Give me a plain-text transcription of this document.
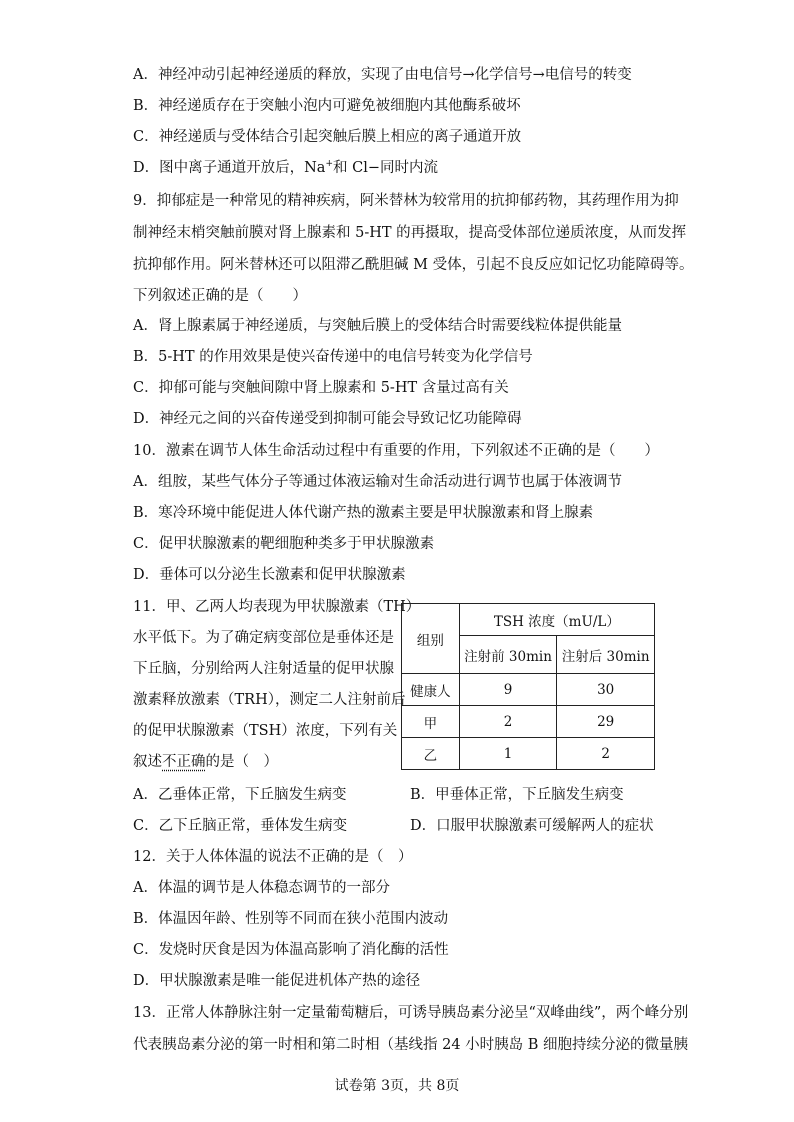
A．神经冲动引起神经递质的释放，实现了由电信号→化学信号→电信号的转变
B．神经递质存在于突触小泡内可避免被细胞内其他酶系破坏
C．神经递质与受体结合引起突触后膜上相应的离子通道开放
D．图中离子通道开放后，Na+和 Cl−同时内流
9．抑郁症是一种常见的精神疾病，阿米替林为较常用的抗抑郁药物，其药理作用为抑
制神经末梢突触前膜对肾上腺素和 5-HT 的再摄取，提高受体部位递质浓度，从而发挥
抗抑郁作用。阿米替林还可以阻滞乙酰胆碱 M 受体，引起不良反应如记忆功能障碍等。
下列叙述正确的是（　　）
A．肾上腺素属于神经递质，与突触后膜上的受体结合时需要线粒体提供能量
B．5-HT 的作用效果是使兴奋传递中的电信号转变为化学信号
C．抑郁可能与突触间隙中肾上腺素和 5-HT 含量过高有关
D．神经元之间的兴奋传递受到抑制可能会导致记忆功能障碍
10．激素在调节人体生命活动过程中有重要的作用，下列叙述不正确的是（　　）
A．组胺，某些气体分子等通过体液运输对生命活动进行调节也属于体液调节
B．寒冷环境中能促进人体代谢产热的激素主要是甲状腺激素和肾上腺素
C．促甲状腺激素的靶细胞种类多于甲状腺激素
D．垂体可以分泌生长激素和促甲状腺激素
11．甲、乙两人均表现为甲状腺激素（TH）
水平低下。为了确定病变部位是垂体还是
下丘脑，分别给两人注射适量的促甲状腺
激素释放激素（TRH），测定二人注射前后
的促甲状腺激素（TSH）浓度，下列有关
叙述不正确的是（　）
组别	TSH 浓度（mU/L）	
	注射前 30min	注射后 30min
健康人	9	30
甲	2	29
乙	1	2
A．乙垂体正常，下丘脑发生病变	B．甲垂体正常，下丘脑发生病变
C．乙下丘脑正常，垂体发生病变	D．口服甲状腺激素可缓解两人的症状
12．关于人体体温的说法不正确的是（　）
A．体温的调节是人体稳态调节的一部分
B．体温因年龄、性别等不同而在狭小范围内波动
C．发烧时厌食是因为体温高影响了消化酶的活性
D．甲状腺激素是唯一能促进机体产热的途径
13．正常人体静脉注射一定量葡萄糖后，可诱导胰岛素分泌呈“双峰曲线”，两个峰分别
代表胰岛素分泌的第一时相和第二时相（基线指 24 小时胰岛 B 细胞持续分泌的微量胰
试卷第 3页，共 8页
